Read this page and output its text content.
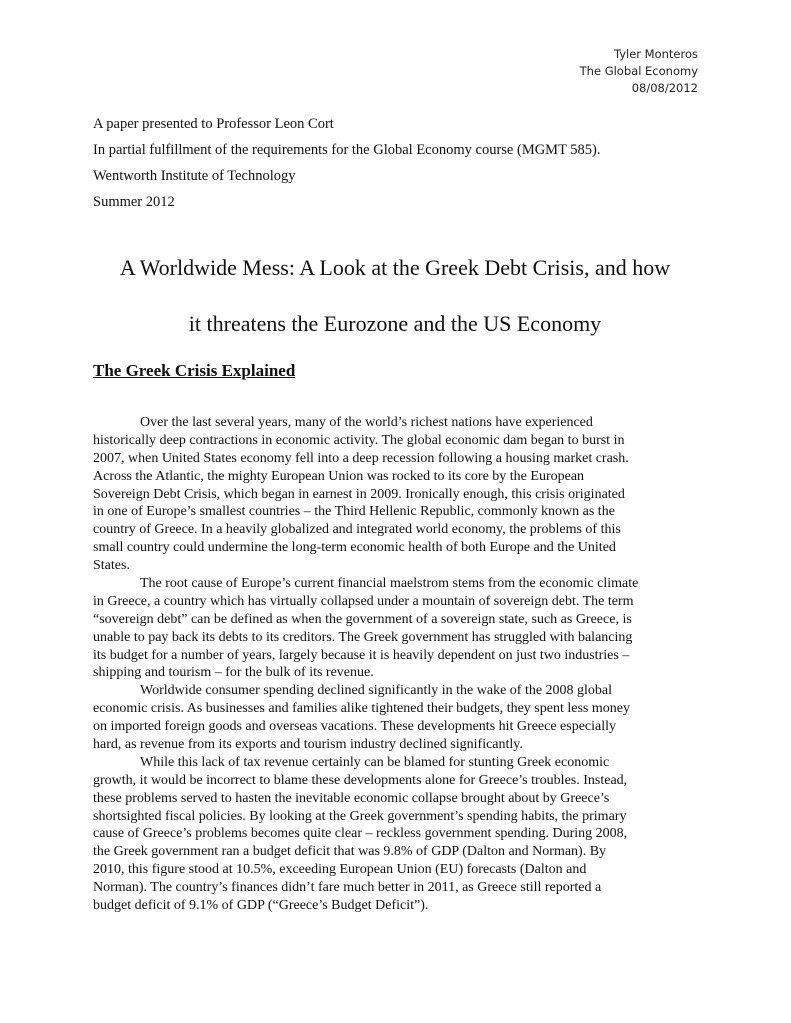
Tyler Monteros
The Global Economy
08/08/2012
A paper presented to Professor Leon Cort
In partial fulfillment of the requirements for the Global Economy course (MGMT 585).
Wentworth Institute of Technology
Summer 2012
A Worldwide Mess: A Look at the Greek Debt Crisis, and how
it threatens the Eurozone and the US Economy
The Greek Crisis Explained
Over the last several years, many of the world’s richest nations have experienced
historically deep contractions in economic activity. The global economic dam began to burst in
2007, when United States economy fell into a deep recession following a housing market crash.
Across the Atlantic, the mighty European Union was rocked to its core by the European
Sovereign Debt Crisis, which began in earnest in 2009. Ironically enough, this crisis originated
in one of Europe’s smallest countries – the Third Hellenic Republic, commonly known as the
country of Greece. In a heavily globalized and integrated world economy, the problems of this
small country could undermine the long-term economic health of both Europe and the United
States.
The root cause of Europe’s current financial maelstrom stems from the economic climate
in Greece, a country which has virtually collapsed under a mountain of sovereign debt. The term
“sovereign debt” can be defined as when the government of a sovereign state, such as Greece, is
unable to pay back its debts to its creditors. The Greek government has struggled with balancing
its budget for a number of years, largely because it is heavily dependent on just two industries –
shipping and tourism – for the bulk of its revenue.
Worldwide consumer spending declined significantly in the wake of the 2008 global
economic crisis. As businesses and families alike tightened their budgets, they spent less money
on imported foreign goods and overseas vacations. These developments hit Greece especially
hard, as revenue from its exports and tourism industry declined significantly.
While this lack of tax revenue certainly can be blamed for stunting Greek economic
growth, it would be incorrect to blame these developments alone for Greece’s troubles. Instead,
these problems served to hasten the inevitable economic collapse brought about by Greece’s
shortsighted fiscal policies. By looking at the Greek government’s spending habits, the primary
cause of Greece’s problems becomes quite clear – reckless government spending. During 2008,
the Greek government ran a budget deficit that was 9.8% of GDP (Dalton and Norman). By
2010, this figure stood at 10.5%, exceeding European Union (EU) forecasts (Dalton and
Norman). The country’s finances didn’t fare much better in 2011, as Greece still reported a
budget deficit of 9.1% of GDP (“Greece’s Budget Deficit”).
